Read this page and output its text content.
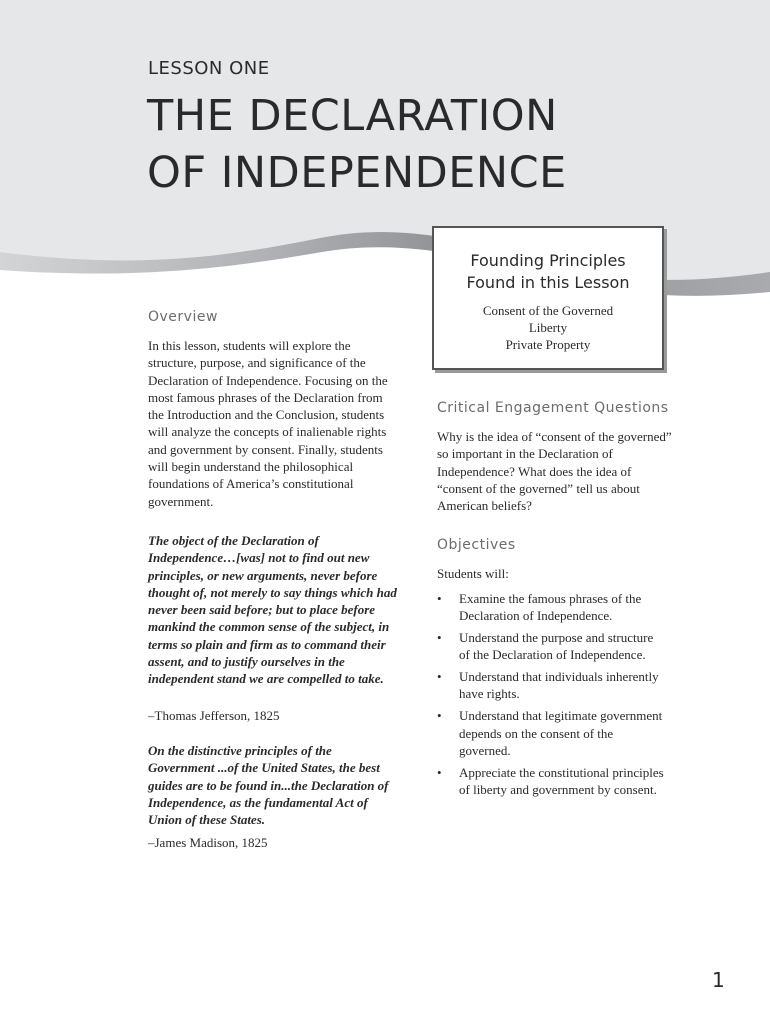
LESSON ONE
THE DECLARATION
OF INDEPENDENCE
Founding Principles
Found in this Lesson
Consent of the Governed
Liberty
Private Property
Overview

In this lesson, students will explore the structure, purpose, and significance of the Declaration of Independence. Focusing on the most famous phrases of the Declaration from the Introduction and the Conclusion, students will analyze the concepts of inalienable rights and government by consent. Finally, students will begin understand the philosophical foundations of America’s constitutional government.

The object of the Declaration of Independence…[was] not to find out new principles, or new arguments, never before thought of, not merely to say things which had never been said before; but to place before mankind the common sense of the subject, in terms so plain and firm as to command their assent, and to justify ourselves in the independent stand we are compelled to take.

–Thomas Jefferson, 1825

On the distinctive principles of the Government ...of the United States, the best guides are to be found in...the Declaration of Independence, as the fundamental Act of Union of these States.

–James Madison, 1825

Critical Engagement Questions

Why is the idea of “consent of the governed” so important in the Declaration of Independence? What does the idea of “consent of the governed” tell us about American beliefs?

Objectives

Students will:

• Examine the famous phrases of the Declaration of Independence.
• Understand the purpose and structure of the Declaration of Independence.
• Understand that individuals inherently have rights.
• Understand that legitimate government depends on the consent of the governed.
• Appreciate the constitutional principles of liberty and government by consent.
1
